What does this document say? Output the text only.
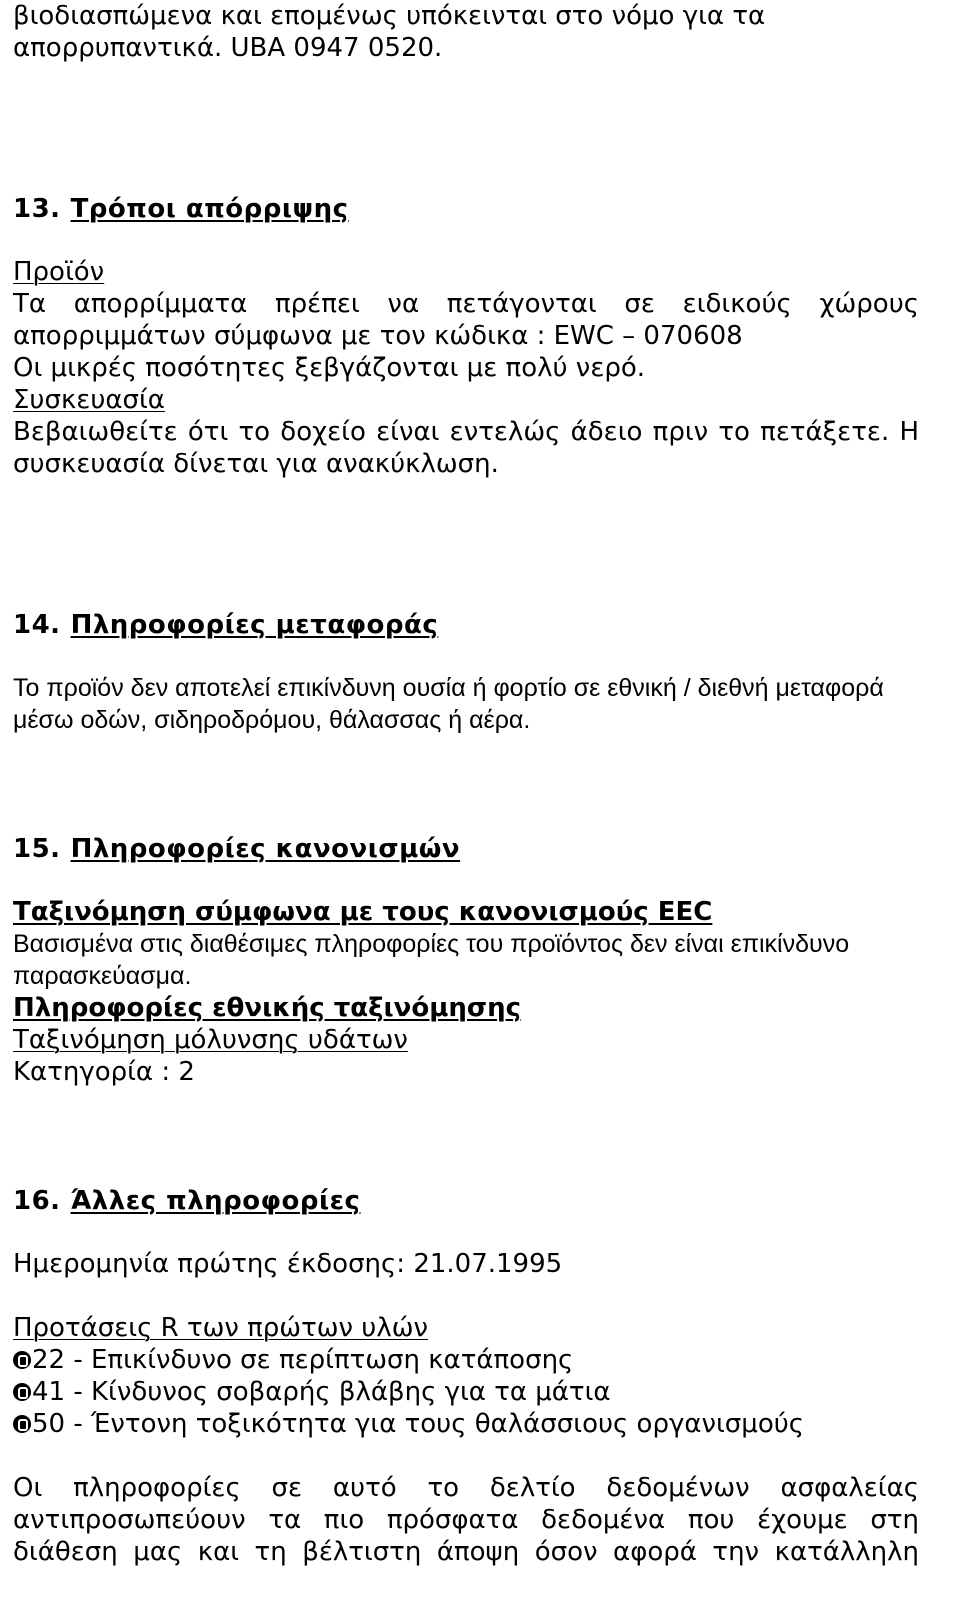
βιοδιασπώμενα και επομένως υπόκεινται στο νόμο για τα
απορρυπαντικά. UBA 0947 0520.
13. Τρόποι απόρριψης
Προϊόν
Τα απορρίμματα πρέπει να πετάγονται σε ειδικούς χώρους
απορριμμάτων σύμφωνα με τον κώδικα : EWC – 070608
Οι μικρές ποσότητες ξεβγάζονται με πολύ νερό.
Συσκευασία
Βεβαιωθείτε ότι το δοχείο είναι εντελώς άδειο πριν το πετάξετε. Η
συσκευασία δίνεται για ανακύκλωση.
14. Πληροφορίες μεταφοράς
Το προϊόν δεν αποτελεί επικίνδυνη ουσία ή φορτίο σε εθνική / διεθνή μεταφορά
μέσω οδών, σιδηροδρόμου, θάλασσας ή αέρα.
15. Πληροφορίες κανονισμών
Ταξινόμηση σύμφωνα με τους κανονισμούς EEC
Βασισμένα στις διαθέσιμες πληροφορίες του προϊόντος δεν είναι επικίνδυνο
παρασκεύασμα.
Πληροφορίες εθνικής ταξινόμησης
Ταξινόμηση μόλυνσης υδάτων
Κατηγορία : 2
16. Άλλες πληροφορίες
Ημερομηνία πρώτης έκδοσης: 21.07.1995
Προτάσεις R των πρώτων υλών
22 - Επικίνδυνο σε περίπτωση κατάποσης
41 - Κίνδυνος σοβαρής βλάβης για τα μάτια
50 - Έντονη τοξικότητα για τους θαλάσσιους οργανισμούς
Οι πληροφορίες σε αυτό το δελτίο δεδομένων ασφαλείας
αντιπροσωπεύουν τα πιο πρόσφατα δεδομένα που έχουμε στη
διάθεση μας και τη βέλτιστη άποψη όσον αφορά την κατάλληλη
